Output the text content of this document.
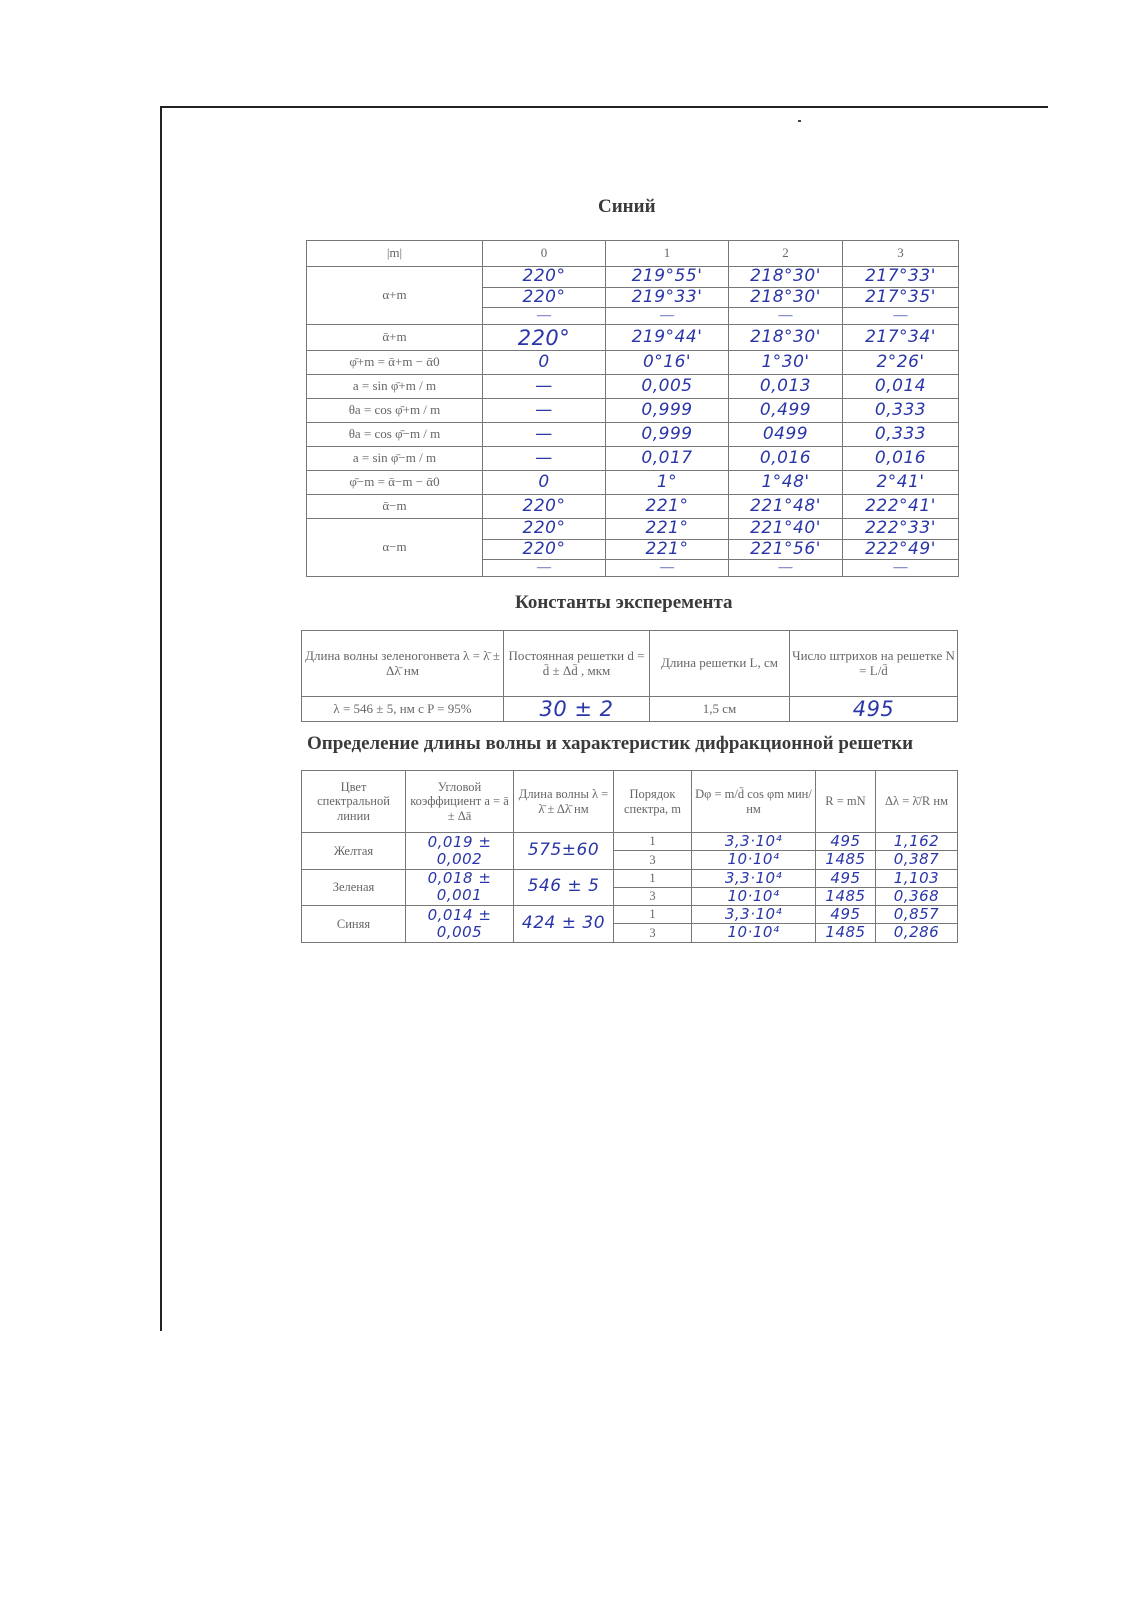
Синий
|m|	0	1	2	3
α+m	220°	219°55'	218°30'	217°33'
	220°	219°33'	218°30'	217°35'
	—	—	—	—
ᾱ+m	220°	219°44'	218°30'	217°34'
φ̄+m = ᾱ+m − ᾱ0	0	0°16'	1°30'	2°26'
a = sin φ̄+m / m	—	0,005	0,013	0,014
θa = cos φ̄+m / m	—	0,999	0,499	0,333
θa = cos φ̄−m / m	—	0,999	0499	0,333
a = sin φ̄−m / m	—	0,017	0,016	0,016
φ̄−m = ᾱ−m − ᾱ0	0	1°	1°48'	2°41'
ᾱ−m	220°	221°	221°48'	222°41'
α−m	220°	221°	221°40'	222°33'
	220°	221°	221°56'	222°49'
	—	—	—	—
Константы эксперемента
Длина волны зеленогонвета λ = λ̄ ± Δλ̄ нм	Постоянная решетки d = d̄ ± Δd̄ , мкм	Длина решетки L, см	Число штрихов на решетке N = L/d̄
λ = 546 ± 5, нм с P = 95%	30 ± 2	1,5 см	495
Определение длины волны и характеристик дифракционной решетки
Цвет спектральной линии	Угловой коэффициент a = ā ± Δā	Длина волны λ = λ̄ ± Δλ̄ нм	Порядок спектра, m	Dφ = m/d̄ cos φm мин/нм	R = mN	Δλ = λ̄/R нм
Желтая	0,019 ± 0,002	575±60	1	3,3·10⁴	495	1,162
			3	10·10⁴	1485	0,387
Зеленая	0,018 ± 0,001	546 ± 5	1	3,3·10⁴	495	1,103
			3	10·10⁴	1485	0,368
Синяя	0,014 ± 0,005	424 ± 30	1	3,3·10⁴	495	0,857
			3	10·10⁴	1485	0,286
